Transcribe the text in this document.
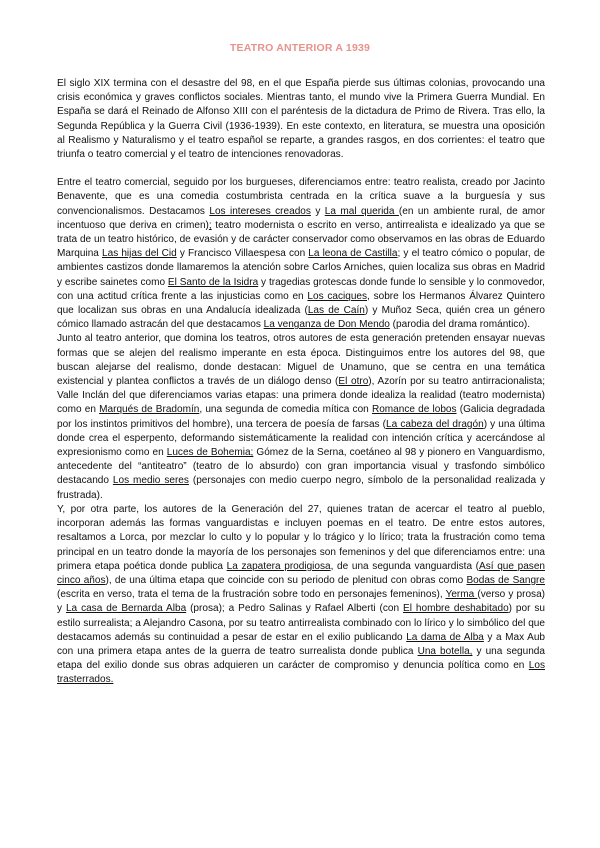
TEATRO ANTERIOR A 1939

El siglo XIX termina con el desastre del 98, en el que España pierde sus últimas colonias, provocando una crisis económica y graves conflictos sociales. Mientras tanto, el mundo vive la Primera Guerra Mundial. En España se dará el Reinado de Alfonso XIII con el paréntesis de la dictadura de Primo de Rivera. Tras ello, la Segunda República y la Guerra Civil (1936-1939). En este contexto, en literatura, se muestra una oposición al Realismo y Naturalismo y el teatro español se reparte, a grandes rasgos, en dos corrientes: el teatro que triunfa o teatro comercial y el teatro de intenciones renovadoras.

Entre el teatro comercial, seguido por los burgueses, diferenciamos entre: teatro realista, creado por Jacinto Benavente, que es una comedia costumbrista centrada en la crítica suave a la burguesía y sus convencionalismos. Destacamos Los intereses creados y La mal querida (en un ambiente rural, de amor incentuoso que deriva en crimen); teatro modernista o escrito en verso, antirrealista e idealizado ya que se trata de un teatro histórico, de evasión y de carácter conservador como observamos en las obras de Eduardo Marquina Las hijas del Cid y Francisco Villaespesa con La leona de Castilla; y el teatro cómico o popular, de ambientes castizos donde llamaremos la atención sobre Carlos Arniches, quien localiza sus obras en Madrid y escribe sainetes como El Santo de la Isidra y tragedias grotescas donde funde lo sensible y lo conmovedor, con una actitud crítica frente a las injusticias como en Los caciques, sobre los Hermanos Álvarez Quintero que localizan sus obras en una Andalucía idealizada (Las de Caín) y Muñoz Seca, quién crea un género cómico llamado astracán del que destacamos La venganza de Don Mendo (parodia del drama romántico).

Junto al teatro anterior, que domina los teatros, otros autores de esta generación pretenden ensayar nuevas formas que se alejen del realismo imperante en esta época. Distinguimos entre los autores del 98, que buscan alejarse del realismo, donde destacan: Miguel de Unamuno, que se centra en una temática existencial y plantea conflictos a través de un diálogo denso (El otro), Azorín por su teatro antirracionalista; Valle Inclán del que diferenciamos varias etapas: una primera donde idealiza la realidad (teatro modernista) como en Marqués de Bradomín, una segunda de comedia mítica con Romance de lobos (Galicia degradada por los instintos primitivos del hombre), una tercera de poesía de farsas (La cabeza del dragón) y una última donde crea el esperpento, deformando sistemáticamente la realidad con intención crítica y acercándose al expresionismo como en Luces de Bohemia; Gómez de la Serna, coetáneo al 98 y pionero en Vanguardismo, antecedente del “antiteatro” (teatro de lo absurdo) con gran importancia visual y trasfondo simbólico destacando Los medio seres (personajes con medio cuerpo negro, símbolo de la personalidad realizada y frustrada).

Y, por otra parte, los autores de la Generación del 27, quienes tratan de acercar el teatro al pueblo, incorporan además las formas vanguardistas e incluyen poemas en el teatro. De entre estos autores, resaltamos a Lorca, por mezclar lo culto y lo popular y lo trágico y lo lírico; trata la frustración como tema principal en un teatro donde la mayoría de los personajes son femeninos y del que diferenciamos entre: una primera etapa poética donde publica La zapatera prodigiosa, de una segunda vanguardista (Así que pasen cinco años), de una última etapa que coincide con su periodo de plenitud con obras como Bodas de Sangre (escrita en verso, trata el tema de la frustración sobre todo en personajes femeninos), Yerma (verso y prosa) y La casa de Bernarda Alba (prosa); a Pedro Salinas y Rafael Alberti (con El hombre deshabitado) por su estilo surrealista; a Alejandro Casona, por su teatro antirrealista combinado con lo lírico y lo simbólico del que destacamos además su continuidad a pesar de estar en el exilio publicando La dama de Alba y a Max Aub con una primera etapa antes de la guerra de teatro surrealista donde publica Una botella, y una segunda etapa del exilio donde sus obras adquieren un carácter de compromiso y denuncia política como en Los trasterrados.
